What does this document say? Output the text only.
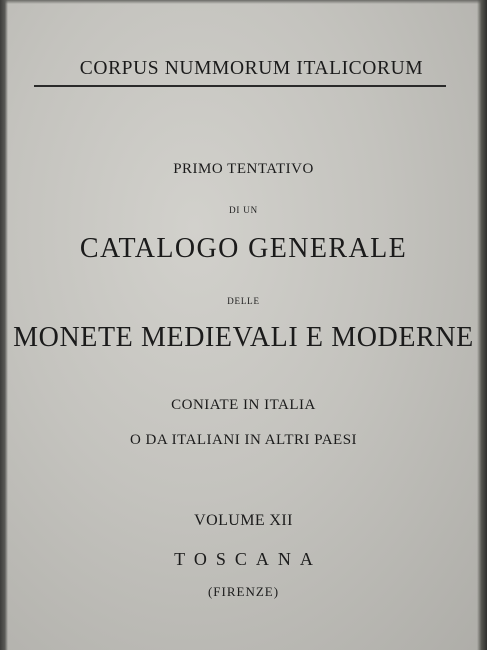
CORPUS NUMMORUM ITALICORUM

PRIMO TENTATIVO

DI UN

CATALOGO GENERALE

DELLE

MONETE MEDIEVALI E MODERNE

CONIATE IN ITALIA

O DA ITALIANI IN ALTRI PAESI

VOLUME XII

TOSCANA

(FIRENZE)
